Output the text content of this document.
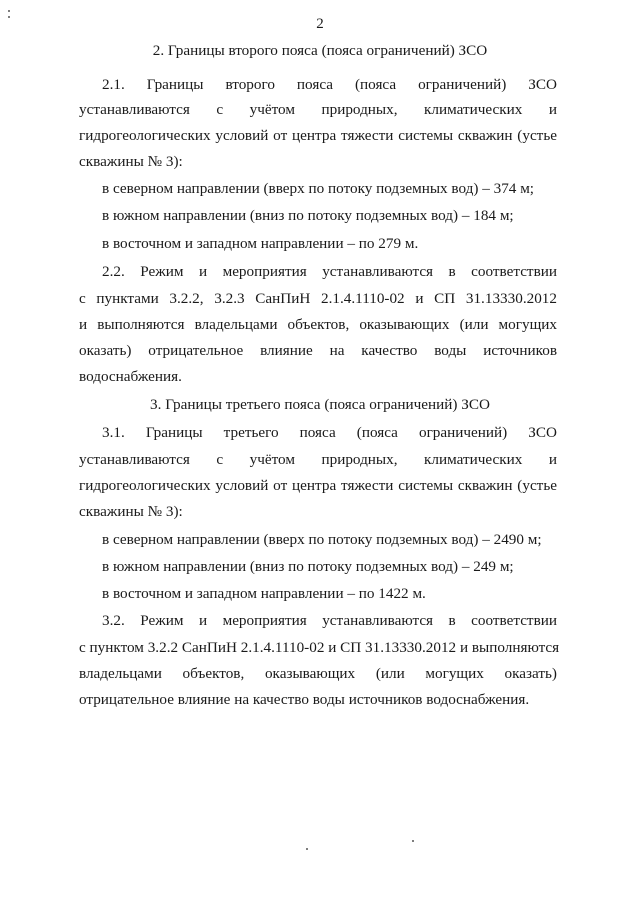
2
2. Границы второго пояса (пояса ограничений) ЗСО
2.1. Границы второго пояса (пояса ограничений) ЗСО
устанавливаются с учётом природных, климатических и
гидрогеологических условий от центра тяжести системы скважин (устье
скважины № 3):
в северном направлении (вверх по потоку подземных вод) – 374 м;
в южном направлении (вниз по потоку подземных вод) – 184 м;
в восточном и западном направлении – по 279 м.
2.2. Режим и мероприятия устанавливаются в соответствии
с пунктами 3.2.2, 3.2.3 СанПиН 2.1.4.1110-02 и СП 31.13330.2012
и выполняются владельцами объектов, оказывающих (или могущих
оказать) отрицательное влияние на качество воды источников
водоснабжения.
3. Границы третьего пояса (пояса ограничений) ЗСО
3.1. Границы третьего пояса (пояса ограничений) ЗСО
устанавливаются с учётом природных, климатических и
гидрогеологических условий от центра тяжести системы скважин (устье
скважины № 3):
в северном направлении (вверх по потоку подземных вод) – 2490 м;
в южном направлении (вниз по потоку подземных вод) – 249 м;
в восточном и западном направлении – по 1422 м.
3.2. Режим и мероприятия устанавливаются в соответствии
с пунктом 3.2.2 СанПиН 2.1.4.1110-02 и СП 31.13330.2012 и выполняются
владельцами объектов, оказывающих (или могущих оказать)
отрицательное влияние на качество воды источников водоснабжения.
